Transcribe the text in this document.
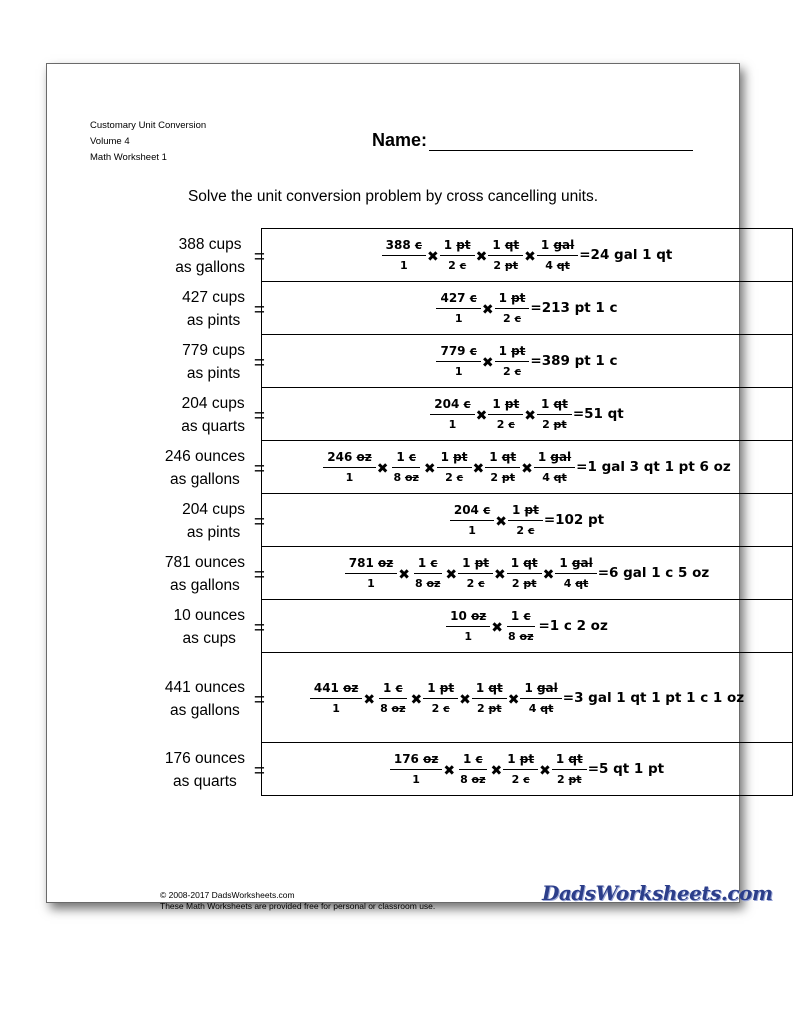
Customary Unit Conversion
Volume 4
Math Worksheet 1
Name:
Solve the unit conversion problem by cross cancelling units.
388 cups
as gallons =	$\frac{388 c}{1}$ ✖ $\frac{1 pt}{2 c}$ ✖ $\frac{1 qt}{2 pt}$ ✖ $\frac{\text{1 gal}}{4 qt} =24$ gal 1 qt
427 cups
as pints =	$\frac{427 c}{1}$ ✖ $\frac{1 pt}{2 c} =213$ pt 1 c
779 cups
as pints =	$\frac{779 c}{1}$ ✖ $\frac{1 pt}{2 c} =389$ pt 1 c
204 cups
as quarts =	$\frac{204 c}{1}$ ✖ $\frac{1 pt}{2 c}$ ✖ $\frac{1 qt}{2 pt} =51$ qt
246 ounces
as gallons =	$\frac{246 oz}{1}$ ✖ $\frac{1 c}{8 oz}$ ✖ $\frac{1 pt}{2 c}$ ✖ $\frac{1 qt}{2 pt}$ ✖ $\frac{\text{1 gal}}{4 qt} =1$ gal 3 qt 1 pt 6 oz
204 cups
as pints =	$\frac{204 c}{1}$ ✖ $\frac{1 pt}{2 c} =102$ pt
781 ounces
as gallons =	$\frac{781 oz}{1}$ ✖ $\frac{1 c}{8 oz}$ ✖ $\frac{1 pt}{2 c}$ ✖ $\frac{1 qt}{2 pt}$ ✖ $\frac{\text{1 gal}}{4 qt} =6$ gal 1 c 5 oz
10 ounces
as cups =	$\frac{10 oz}{1}$ ✖ $\frac{1 c}{8 oz} =1$ c 2 oz
441 ounces
as gallons =	$\frac{441 oz}{1}$ ✖ $\frac{1 c}{8 oz}$ ✖ $\frac{1 pt}{2 c}$ ✖ $\frac{1 qt}{2 pt}$ ✖ $\frac{\text{1 gal}}{4 qt} =3$ gal 1 qt 1 pt 1 c 1 oz
176 ounces
as quarts =	$\frac{176 oz}{1}$ ✖ $\frac{1 c}{8 oz}$ ✖ $\frac{1 pt}{2 c}$ ✖ $\frac{1 qt}{2 pt} =5$ qt 1 pt
© 2008-2017 DadsWorksheets.com
These Math Worksheets are provided free for personal or classroom use.
DadsWorksheets.com
